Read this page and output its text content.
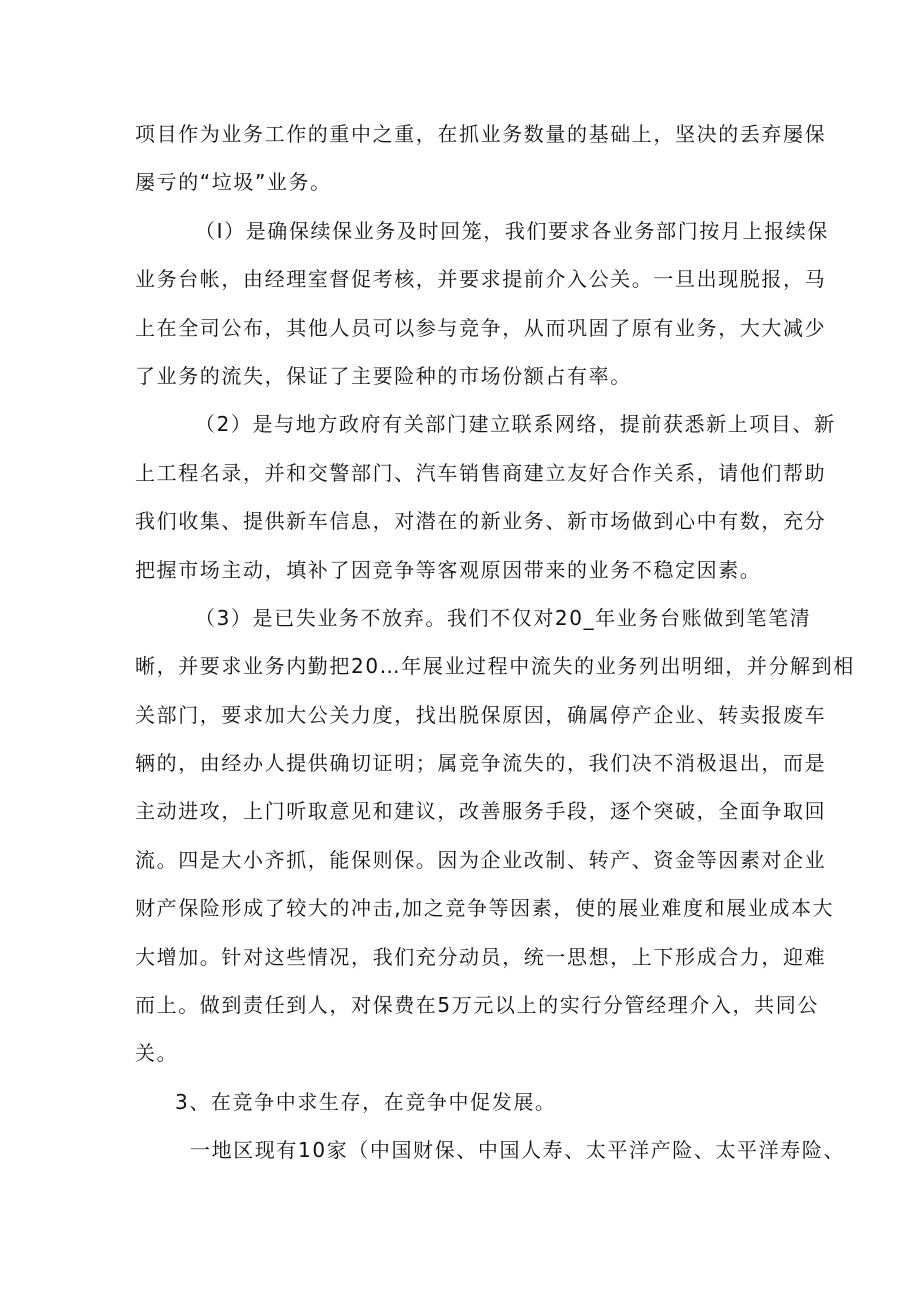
项目作为业务工作的重中之重，在抓业务数量的基础上，坚决的丢弃屡保
屡亏的“垃圾”业务。
（I）是确保续保业务及时回笼，我们要求各业务部门按月上报续保
业务台帐，由经理室督促考核，并要求提前介入公关。一旦出现脱报，马
上在全司公布，其他人员可以参与竞争，从而巩固了原有业务，大大减少
了业务的流失，保证了主要险种的市场份额占有率。
（2）是与地方政府有关部门建立联系网络，提前获悉新上项目、新
上工程名录，并和交警部门、汽车销售商建立友好合作关系，请他们帮助
我们收集、提供新车信息，对潜在的新业务、新市场做到心中有数，充分
把握市场主动，填补了因竞争等客观原因带来的业务不稳定因素。
（3）是已失业务不放弃。我们不仅对20_年业务台账做到笔笔清
晰，并要求业务内勤把20…年展业过程中流失的业务列出明细，并分解到相
关部门，要求加大公关力度，找出脱保原因，确属停产企业、转卖报废车
辆的，由经办人提供确切证明；属竞争流失的，我们决不消极退出，而是
主动进攻，上门听取意见和建议，改善服务手段，逐个突破，全面争取回
流。四是大小齐抓，能保则保。因为企业改制、转产、资金等因素对企业
财产保险形成了较大的冲击,加之竞争等因素，使的展业难度和展业成本大
大增加。针对这些情况，我们充分动员，统一思想，上下形成合力，迎难
而上。做到责任到人，对保费在5万元以上的实行分管经理介入，共同公
关。
3、在竞争中求生存，在竞争中促发展。
一地区现有10家（中国财保、中国人寿、太平洋产险、太平洋寿险、
